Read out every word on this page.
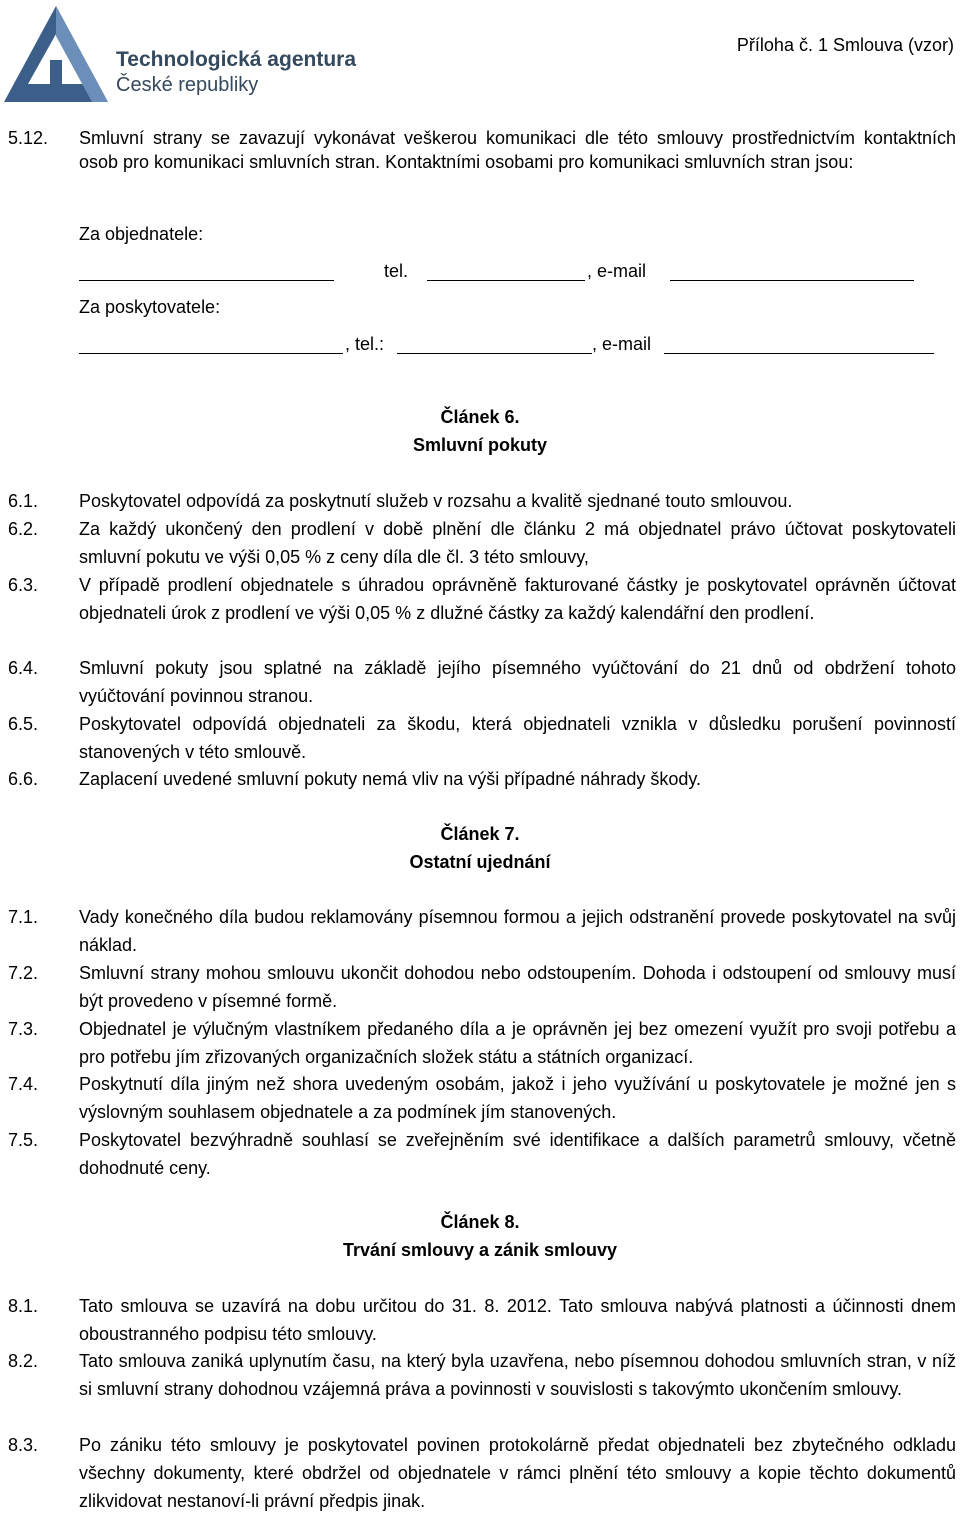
Technologická agentura
České republiky
Příloha č. 1 Smlouva (vzor)
5.12. Smluvní strany se zavazují vykonávat veškerou komunikaci dle této smlouvy prostřednictvím kontaktních osob pro komunikaci smluvních stran. Kontaktními osobami pro komunikaci smluvních stran jsou:
Za objednatele:
tel.	, e-mail
Za poskytovatele:
, tel.:	, e-mail
Článek 6.
Smluvní pokuty
6.1. Poskytovatel odpovídá za poskytnutí služeb v rozsahu a kvalitě sjednané touto smlouvou.
6.2. Za každý ukončený den prodlení v době plnění dle článku 2 má objednatel právo účtovat poskytovateli smluvní pokutu ve výši 0,05 % z ceny díla dle čl. 3 této smlouvy,
6.3. V případě prodlení objednatele s úhradou oprávněně fakturované částky je poskytovatel oprávněn účtovat objednateli úrok z prodlení ve výši 0,05 % z dlužné částky za každý kalendářní den prodlení.
6.4. Smluvní pokuty jsou splatné na základě jejího písemného vyúčtování do 21 dnů od obdržení tohoto vyúčtování povinnou stranou.
6.5. Poskytovatel odpovídá objednateli za škodu, která objednateli vznikla v důsledku porušení povinností stanovených v této smlouvě.
6.6. Zaplacení uvedené smluvní pokuty nemá vliv na výši případné náhrady škody.
Článek 7.
Ostatní ujednání
7.1. Vady konečného díla budou reklamovány písemnou formou a jejich odstranění provede poskytovatel na svůj náklad.
7.2. Smluvní strany mohou smlouvu ukončit dohodou nebo odstoupením. Dohoda i odstoupení od smlouvy musí být provedeno v písemné formě.
7.3. Objednatel je výlučným vlastníkem předaného díla a je oprávněn jej bez omezení využít pro svoji potřebu a pro potřebu jím zřizovaných organizačních složek státu a státních organizací.
7.4. Poskytnutí díla jiným než shora uvedeným osobám, jakož i jeho využívání u poskytovatele je možné jen s výslovným souhlasem objednatele a za podmínek jím stanovených.
7.5. Poskytovatel bezvýhradně souhlasí se zveřejněním své identifikace a dalších parametrů smlouvy, včetně dohodnuté ceny.
Článek 8.
Trvání smlouvy a zánik smlouvy
8.1. Tato smlouva se uzavírá na dobu určitou do 31. 8. 2012. Tato smlouva nabývá platnosti a účinnosti dnem oboustranného podpisu této smlouvy.
8.2. Tato smlouva zaniká uplynutím času, na který byla uzavřena, nebo písemnou dohodou smluvních stran, v níž si smluvní strany dohodnou vzájemná práva a povinnosti v souvislosti s takovýmto ukončením smlouvy.
8.3. Po zániku této smlouvy je poskytovatel povinen protokolárně předat objednateli bez zbytečného odkladu všechny dokumenty, které obdržel od objednatele v rámci plnění této smlouvy a kopie těchto dokumentů zlikvidovat nestanoví-li právní předpis jinak.
